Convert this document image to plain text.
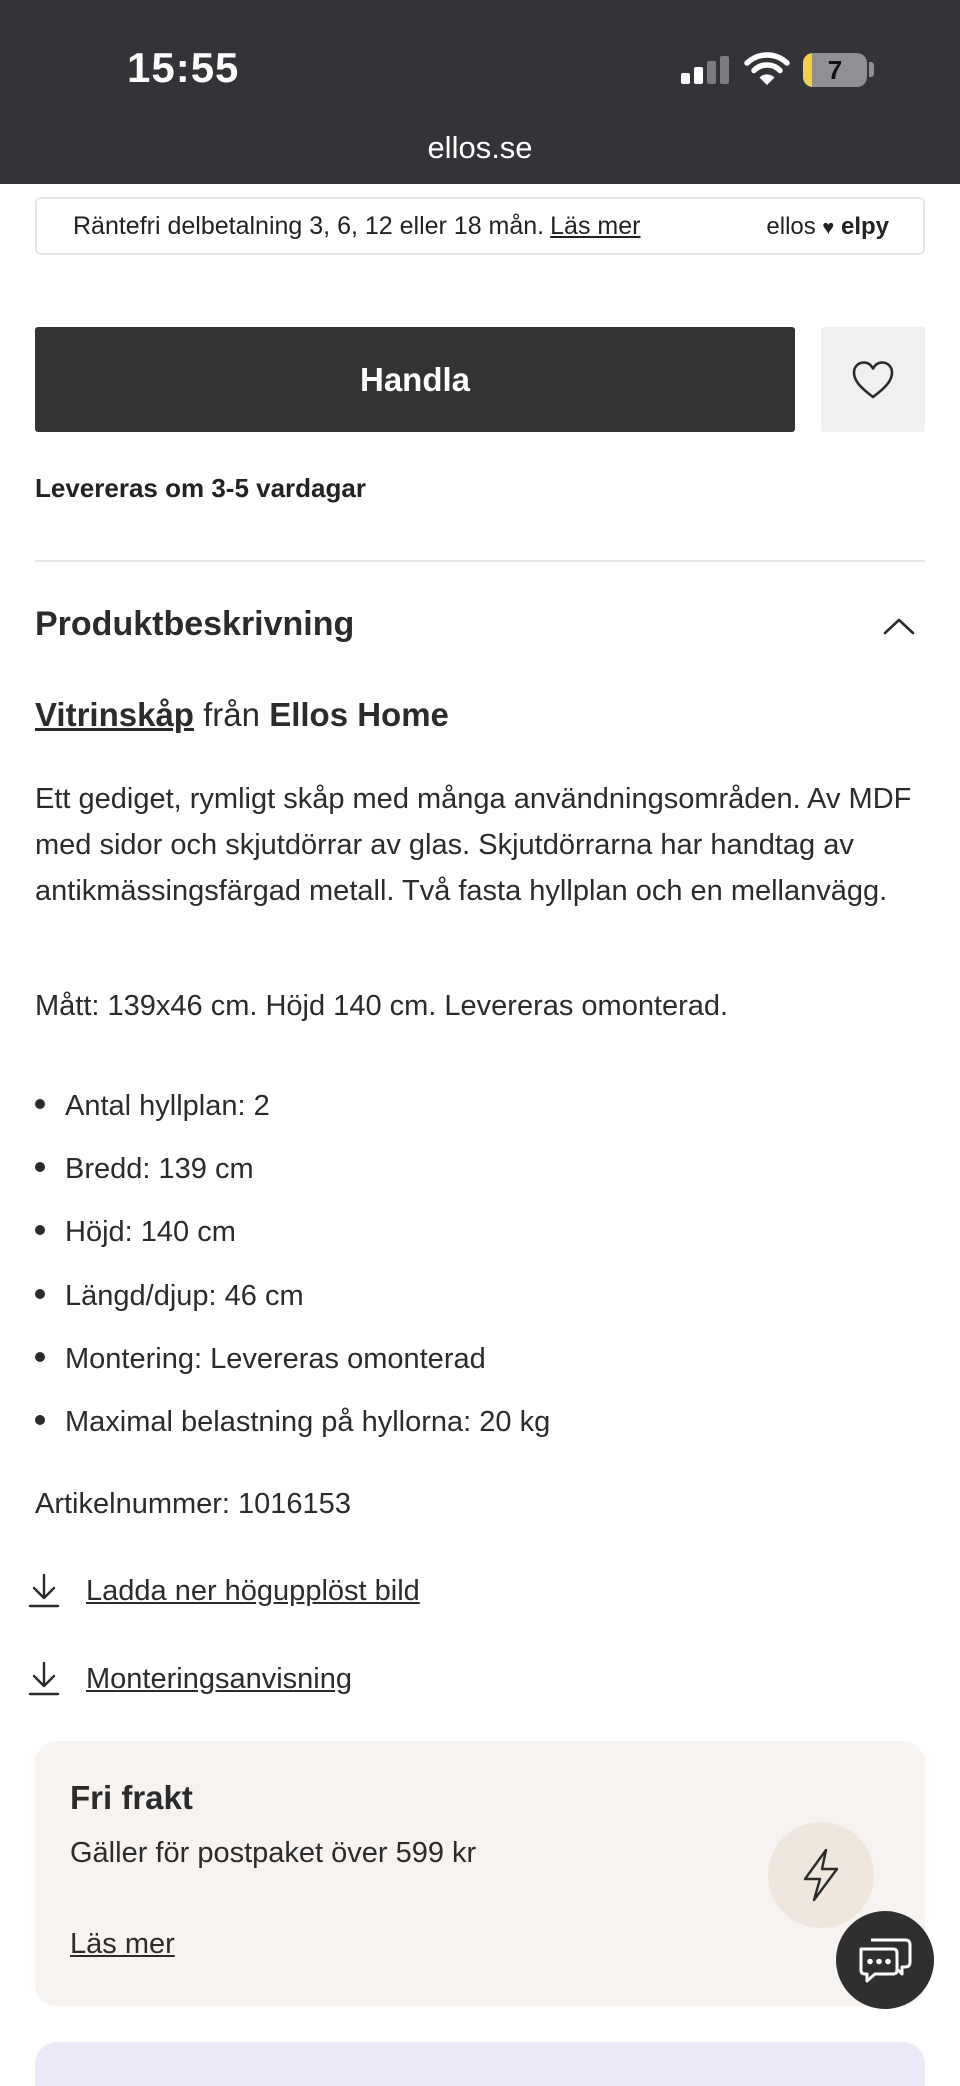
15:55	7
ellos.se
Räntefri delbetalning 3, 6, 12 eller 18 mån. Läs mer	ellos ♥ elpy
Handla
Levereras om 3-5 vardagar
Produktbeskrivning
Vitrinskåp från Ellos Home
Ett gediget, rymligt skåp med många användningsområden. Av MDF med sidor och skjutdörrar av glas. Skjutdörrarna har handtag av antikmässingsfärgad metall. Två fasta hyllplan och en mellanvägg.
Mått: 139x46 cm. Höjd 140 cm. Levereras omonterad.
Antal hyllplan: 2
Bredd: 139 cm
Höjd: 140 cm
Längd/djup: 46 cm
Montering: Levereras omonterad
Maximal belastning på hyllorna: 20 kg
Artikelnummer: 1016153
Ladda ner högupplöst bild
Monteringsanvisning
Fri frakt
Gäller för postpaket över 599 kr
Läs mer
